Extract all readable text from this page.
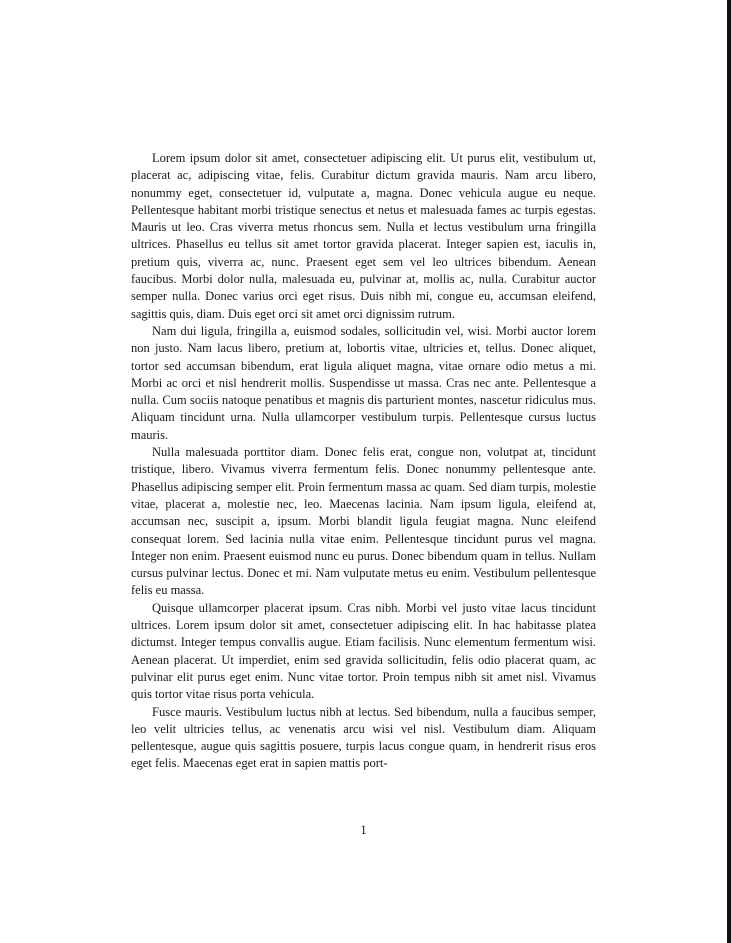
Lorem ipsum dolor sit amet, consectetuer adipiscing elit. Ut purus elit, vestibulum ut, placerat ac, adipiscing vitae, felis. Curabitur dictum gravida mauris. Nam arcu libero, nonummy eget, consectetuer id, vulputate a, magna. Donec vehicula augue eu neque. Pellentesque habitant morbi tristique senectus et netus et malesuada fames ac turpis egestas. Mauris ut leo. Cras viverra metus rhoncus sem. Nulla et lectus vestibulum urna fringilla ultrices. Phasellus eu tellus sit amet tortor gravida placerat. Integer sapien est, iaculis in, pretium quis, viverra ac, nunc. Praesent eget sem vel leo ultrices bibendum. Aenean faucibus. Morbi dolor nulla, malesuada eu, pulvinar at, mollis ac, nulla. Curabitur auctor semper nulla. Donec varius orci eget risus. Duis nibh mi, congue eu, accumsan eleifend, sagittis quis, diam. Duis eget orci sit amet orci dignissim rutrum.

Nam dui ligula, fringilla a, euismod sodales, sollicitudin vel, wisi. Morbi auctor lorem non justo. Nam lacus libero, pretium at, lobortis vitae, ultricies et, tellus. Donec aliquet, tortor sed accumsan bibendum, erat ligula aliquet magna, vitae ornare odio metus a mi. Morbi ac orci et nisl hendrerit mollis. Suspendisse ut massa. Cras nec ante. Pellentesque a nulla. Cum sociis natoque penatibus et magnis dis parturient montes, nascetur ridiculus mus. Aliquam tincidunt urna. Nulla ullamcorper vestibulum turpis. Pellentesque cursus luctus mauris.

Nulla malesuada porttitor diam. Donec felis erat, congue non, volutpat at, tincidunt tristique, libero. Vivamus viverra fermentum felis. Donec nonummy pellentesque ante. Phasellus adipiscing semper elit. Proin fermentum massa ac quam. Sed diam turpis, molestie vitae, placerat a, molestie nec, leo. Maecenas lacinia. Nam ipsum ligula, eleifend at, accumsan nec, suscipit a, ipsum. Morbi blandit ligula feugiat magna. Nunc eleifend consequat lorem. Sed lacinia nulla vitae enim. Pellentesque tincidunt purus vel magna. Integer non enim. Praesent euismod nunc eu purus. Donec bibendum quam in tellus. Nullam cursus pulvinar lectus. Donec et mi. Nam vulputate metus eu enim. Vestibulum pellentesque felis eu massa.

Quisque ullamcorper placerat ipsum. Cras nibh. Morbi vel justo vitae lacus tincidunt ultrices. Lorem ipsum dolor sit amet, consectetuer adipiscing elit. In hac habitasse platea dictumst. Integer tempus convallis augue. Etiam facilisis. Nunc elementum fermentum wisi. Aenean placerat. Ut imperdiet, enim sed gravida sollicitudin, felis odio placerat quam, ac pulvinar elit purus eget enim. Nunc vitae tortor. Proin tempus nibh sit amet nisl. Vivamus quis tortor vitae risus porta vehicula.

Fusce mauris. Vestibulum luctus nibh at lectus. Sed bibendum, nulla a faucibus semper, leo velit ultricies tellus, ac venenatis arcu wisi vel nisl. Vestibulum diam. Aliquam pellentesque, augue quis sagittis posuere, turpis lacus congue quam, in hendrerit risus eros eget felis. Maecenas eget erat in sapien mattis port-

1
